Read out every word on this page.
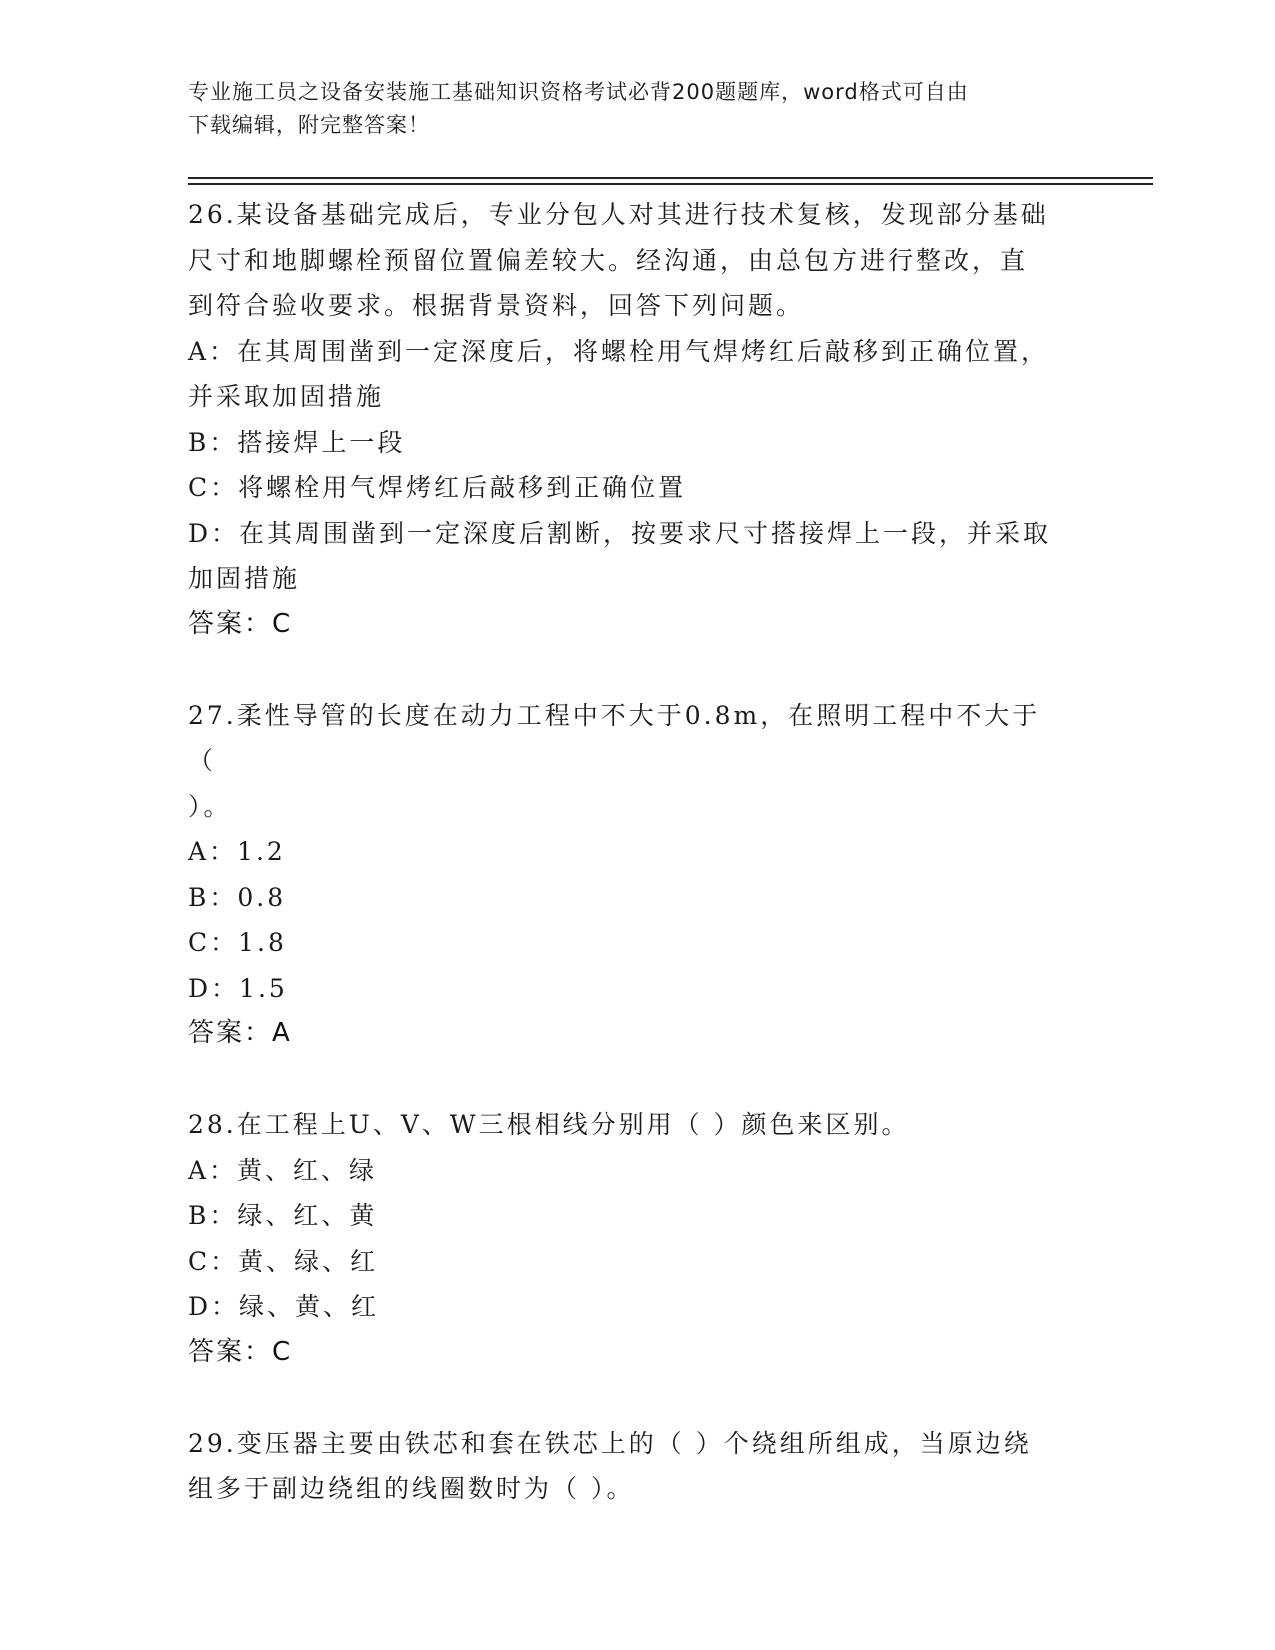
专业施工员之设备安装施工基础知识资格考试必背200题题库，word格式可自由
下载编辑，附完整答案！
26.某设备基础完成后，专业分包人对其进行技术复核，发现部分基础
尺寸和地脚螺栓预留位置偏差较大。经沟通，由总包方进行整改，直
到符合验收要求。根据背景资料，回答下列问题。
A：在其周围凿到一定深度后，将螺栓用气焊烤红后敲移到正确位置，
并采取加固措施
B：搭接焊上一段
C：将螺栓用气焊烤红后敲移到正确位置
D：在其周围凿到一定深度后割断，按要求尺寸搭接焊上一段，并采取
加固措施
答案：C
27.柔性导管的长度在动力工程中不大于0.8m，在照明工程中不大于（
）。
A：1.2
B：0.8
C：1.8
D：1.5
答案：A
28.在工程上U、V、W三根相线分别用（ ）颜色来区别。
A：黄、红、绿
B：绿、红、黄
C：黄、绿、红
D：绿、黄、红
答案：C
29.变压器主要由铁芯和套在铁芯上的（ ）个绕组所组成，当原边绕
组多于副边绕组的线圈数时为（ ）。
